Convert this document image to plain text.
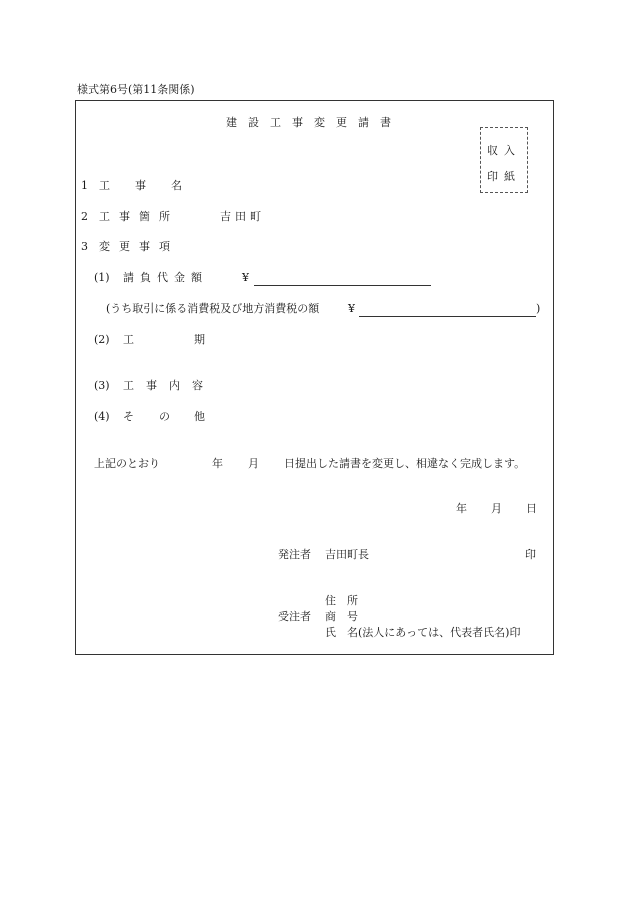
様式第6号(第11条関係)
建設工事変更請書
収入
印紙
1 工 事 名
2 工事箇所	吉田町
3 変更事項
(1) 請負代金額	¥
(うち取引に係る消費税及び地方消費税の額	¥	)
(2) 工	期
(3) 工事内容
(4) そ の 他
上記のとおり	年 月 日提出した請書を変更し、相違なく完成します。
年 月 日
発注者 吉田町長	印
住　所
受注者 商　号
氏　名(法人にあっては、代表者氏名)印
